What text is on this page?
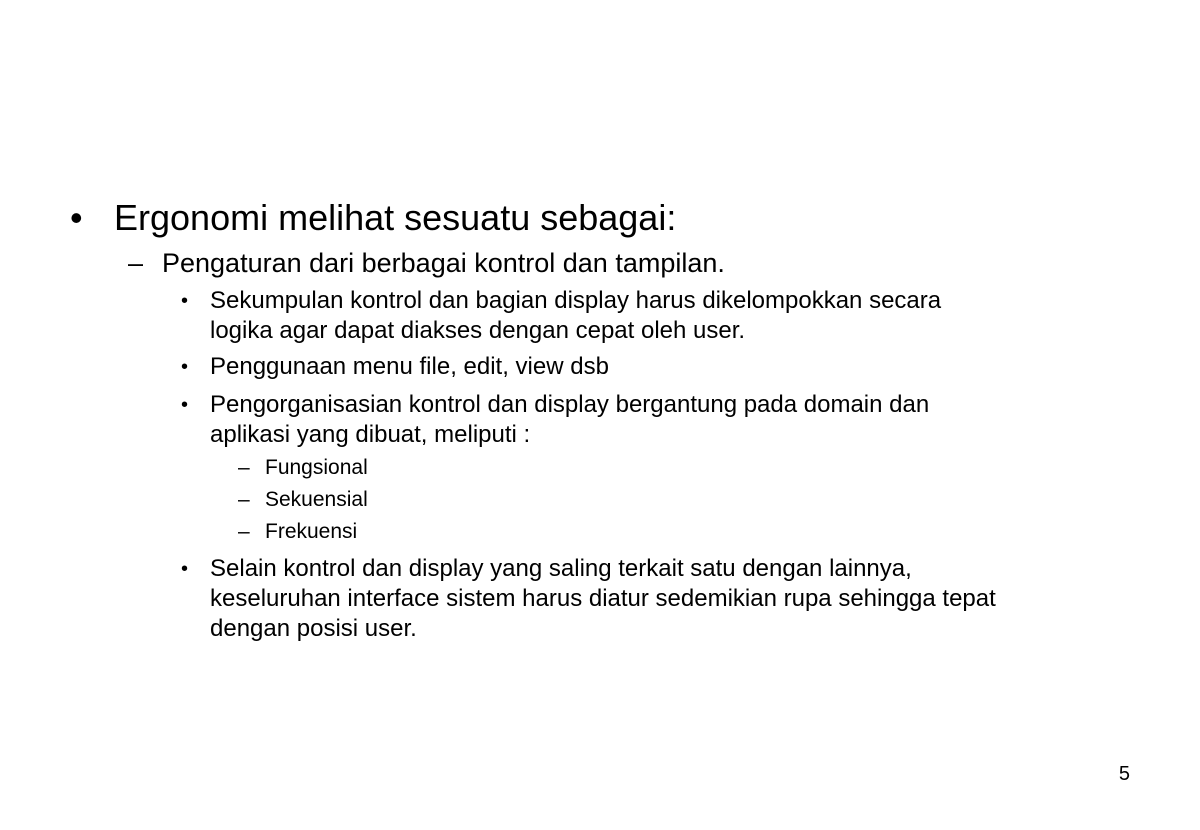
• Ergonomi melihat sesuatu sebagai:
– Pengaturan dari berbagai kontrol dan tampilan.
• Sekumpulan kontrol dan bagian display harus dikelompokkan secara
logika agar dapat diakses dengan cepat oleh user.
• Penggunaan menu file, edit, view dsb
• Pengorganisasian kontrol dan display bergantung pada domain dan
aplikasi yang dibuat, meliputi :
– Fungsional
– Sekuensial
– Frekuensi
• Selain kontrol dan display yang saling terkait satu dengan lainnya,
keseluruhan interface sistem harus diatur sedemikian rupa sehingga tepat
dengan posisi user.
5
